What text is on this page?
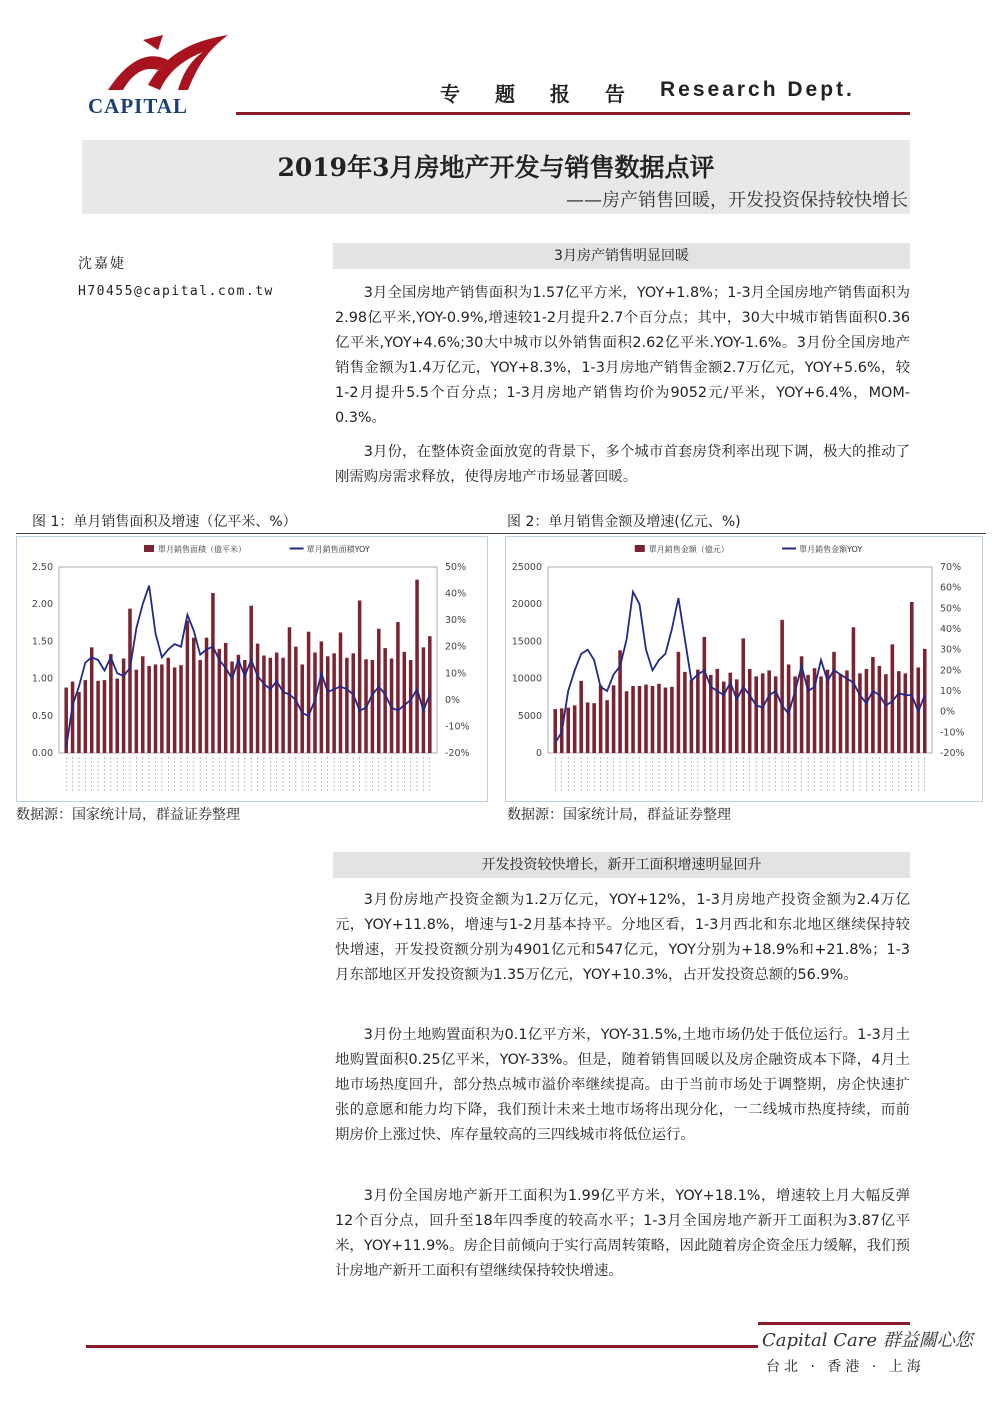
CAPITAL	专 题 报 告 Research Dept.
2019年3月房地产开发与销售数据点评
——房产销售回暖，开发投资保持较快增长
沈嘉婕
H70455@capital.com.tw
3月房产销售明显回暖

3月全国房地产销售面积为1.57亿平方米，YOY+1.8%；1-3月全国房地产销售面积为2.98亿平米,YOY-0.9%,增速较1-2月提升2.7个百分点；其中，30大中城市销售面积0.36亿平米,YOY+4.6%;30大中城市以外销售面积2.62亿平米.YOY-1.6%。3月份全国房地产销售金额为1.4万亿元，YOY+8.3%，1-3月房地产销售金额2.7万亿元，YOY+5.6%，较1-2月提升5.5个百分点；1-3月房地产销售均价为9052元/平米，YOY+6.4%，MOM-0.3%。

3月份，在整体资金面放宽的背景下，多个城市首套房贷利率出现下调，极大的推动了刚需购房需求释放，使得房地产市场显著回暖。

图 1：单月销售面积及增速（亿平米、%）	图 2：单月销售金额及增速(亿元、%)
單月銷售面積（億平米）	單月銷售面積YOY
0.00
0.50
1.00
1.50
2.00
2.50
-20%
-10%
0%
10%
20%
30%
40%
50%
單月銷售金額（億元）	單月銷售金額YOY
0
5000
10000
15000
20000
25000
-20%
-10%
0%
10%
20%
30%
40%
50%
60%
70%
数据源：国家统计局，群益证券整理	数据源：国家统计局，群益证券整理
开发投资较快增长，新开工面积增速明显回升

3月份房地产投资金额为1.2万亿元，YOY+12%，1-3月房地产投资金额为2.4万亿元，YOY+11.8%，增速与1-2月基本持平。分地区看，1-3月西北和东北地区继续保持较快增速，开发投资额分别为4901亿元和547亿元，YOY分别为+18.9%和+21.8%；1-3月东部地区开发投资额为1.35万亿元，YOY+10.3%，占开发投资总额的56.9%。

3月份土地购置面积为0.1亿平方米，YOY-31.5%,土地市场仍处于低位运行。1-3月土地购置面积0.25亿平米，YOY-33%。但是，随着销售回暖以及房企融资成本下降，4月土地市场热度回升，部分热点城市溢价率继续提高。由于当前市场处于调整期，房企快速扩张的意愿和能力均下降，我们预计未来土地市场将出现分化，一二线城市热度持续，而前期房价上涨过快、库存量较高的三四线城市将低位运行。

3月份全国房地产新开工面积为1.99亿平方米，YOY+18.1%，增速较上月大幅反弹12个百分点，回升至18年四季度的较高水平；1-3月全国房地产新开工面积为3.87亿平米，YOY+11.9%。房企目前倾向于实行高周转策略，因此随着房企资金压力缓解，我们预计房地产新开工面积有望继续保持较快增速。

Capital Care 群益關心您
台北 · 香港 · 上海
